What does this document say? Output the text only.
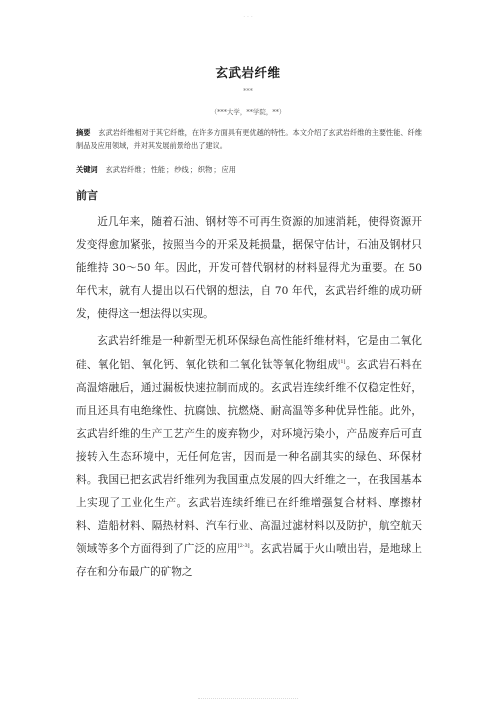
· · ·
玄武岩纤维
***
（***大学，**学院，**）
摘要 玄武岩纤维相对于其它纤维，在许多方面具有更优越的特性。本文介绍了玄武岩纤维的主要性能、纤维制品及应用领域，并对其发展前景给出了建议。
关键词 玄武岩纤维；性能；纱线；织物；应用
前言

近几年来，随着石油、钢材等不可再生资源的加速消耗，使得资源开发变得愈加紧张，按照当今的开采及耗损量，据保守估计，石油及钢材只能维持 30～50 年。因此，开发可替代钢材的材料显得尤为重要。在 50 年代末，就有人提出以石代钢的想法，自 70 年代，玄武岩纤维的成功研发，使得这一想法得以实现。

玄武岩纤维是一种新型无机环保绿色高性能纤维材料，它是由二氧化硅、氧化铝、氧化钙、氧化铁和二氧化钛等氧化物组成[1]。玄武岩石料在高温熔融后，通过漏板快速拉制而成的。玄武岩连续纤维不仅稳定性好，而且还具有电绝缘性、抗腐蚀、抗燃烧、耐高温等多种优异性能。此外，玄武岩纤维的生产工艺产生的废弃物少，对环境污染小，产品废弃后可直接转入生态环境中，无任何危害，因而是一种名副其实的绿色、环保材料。我国已把玄武岩纤维列为我国重点发展的四大纤维之一，在我国基本上实现了工业化生产。玄武岩连续纤维已在纤维增强复合材料、摩擦材料、造船材料、隔热材料、汽车行业、高温过滤材料以及防护，航空航天领域等多个方面得到了广泛的应用[2-3]。玄武岩属于火山喷出岩，是地球上存在和分布最广的矿物之
